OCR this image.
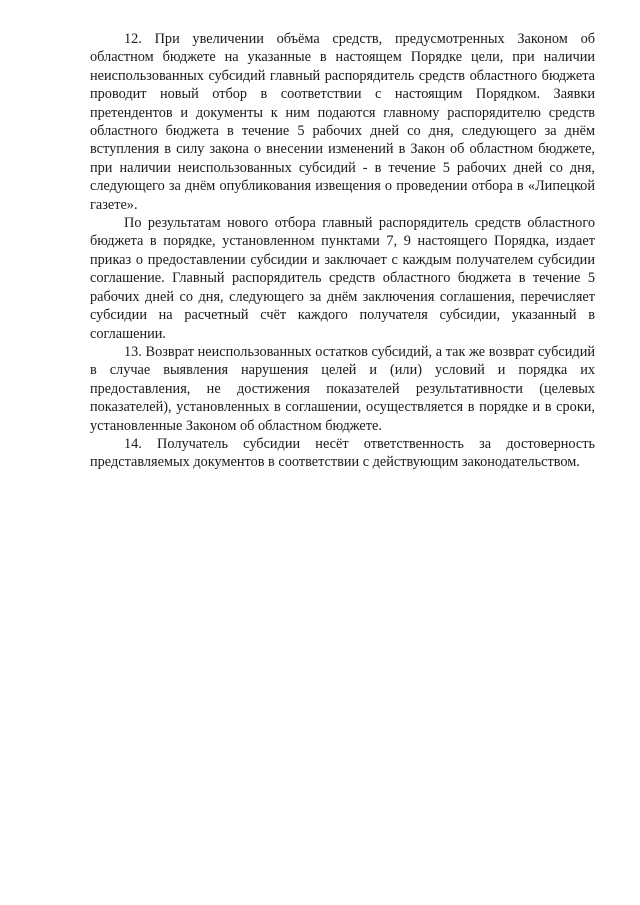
12. При увеличении объёма средств, предусмотренных Законом об областном бюджете на указанные в настоящем Порядке цели, при наличии неиспользованных субсидий главный распорядитель средств областного бюджета проводит новый отбор в соответствии с настоящим Порядком. Заявки претендентов и документы к ним подаются главному распорядителю средств областного бюджета в течение 5 рабочих дней со дня, следующего за днём вступления в силу закона о внесении изменений в Закон об областном бюджете, при наличии неиспользованных субсидий - в течение 5 рабочих дней со дня, следующего за днём опубликования извещения о проведении отбора в «Липецкой газете».

По результатам нового отбора главный распорядитель средств областного бюджета в порядке, установленном пунктами 7, 9 настоящего Порядка, издает приказ о предоставлении субсидии и заключает с каждым получателем субсидии соглашение. Главный распорядитель средств областного бюджета в течение 5 рабочих дней со дня, следующего за днём заключения соглашения, перечисляет субсидии на расчетный счёт каждого получателя субсидии, указанный в соглашении.

13. Возврат неиспользованных остатков субсидий, а так же возврат субсидий в случае выявления нарушения целей и (или) условий и порядка их предоставления, не достижения показателей результативности (целевых показателей), установленных в соглашении, осуществляется в порядке и в сроки, установленные Законом об областном бюджете.

14. Получатель субсидии несёт ответственность за достоверность представляемых документов в соответствии с действующим законодательством.
